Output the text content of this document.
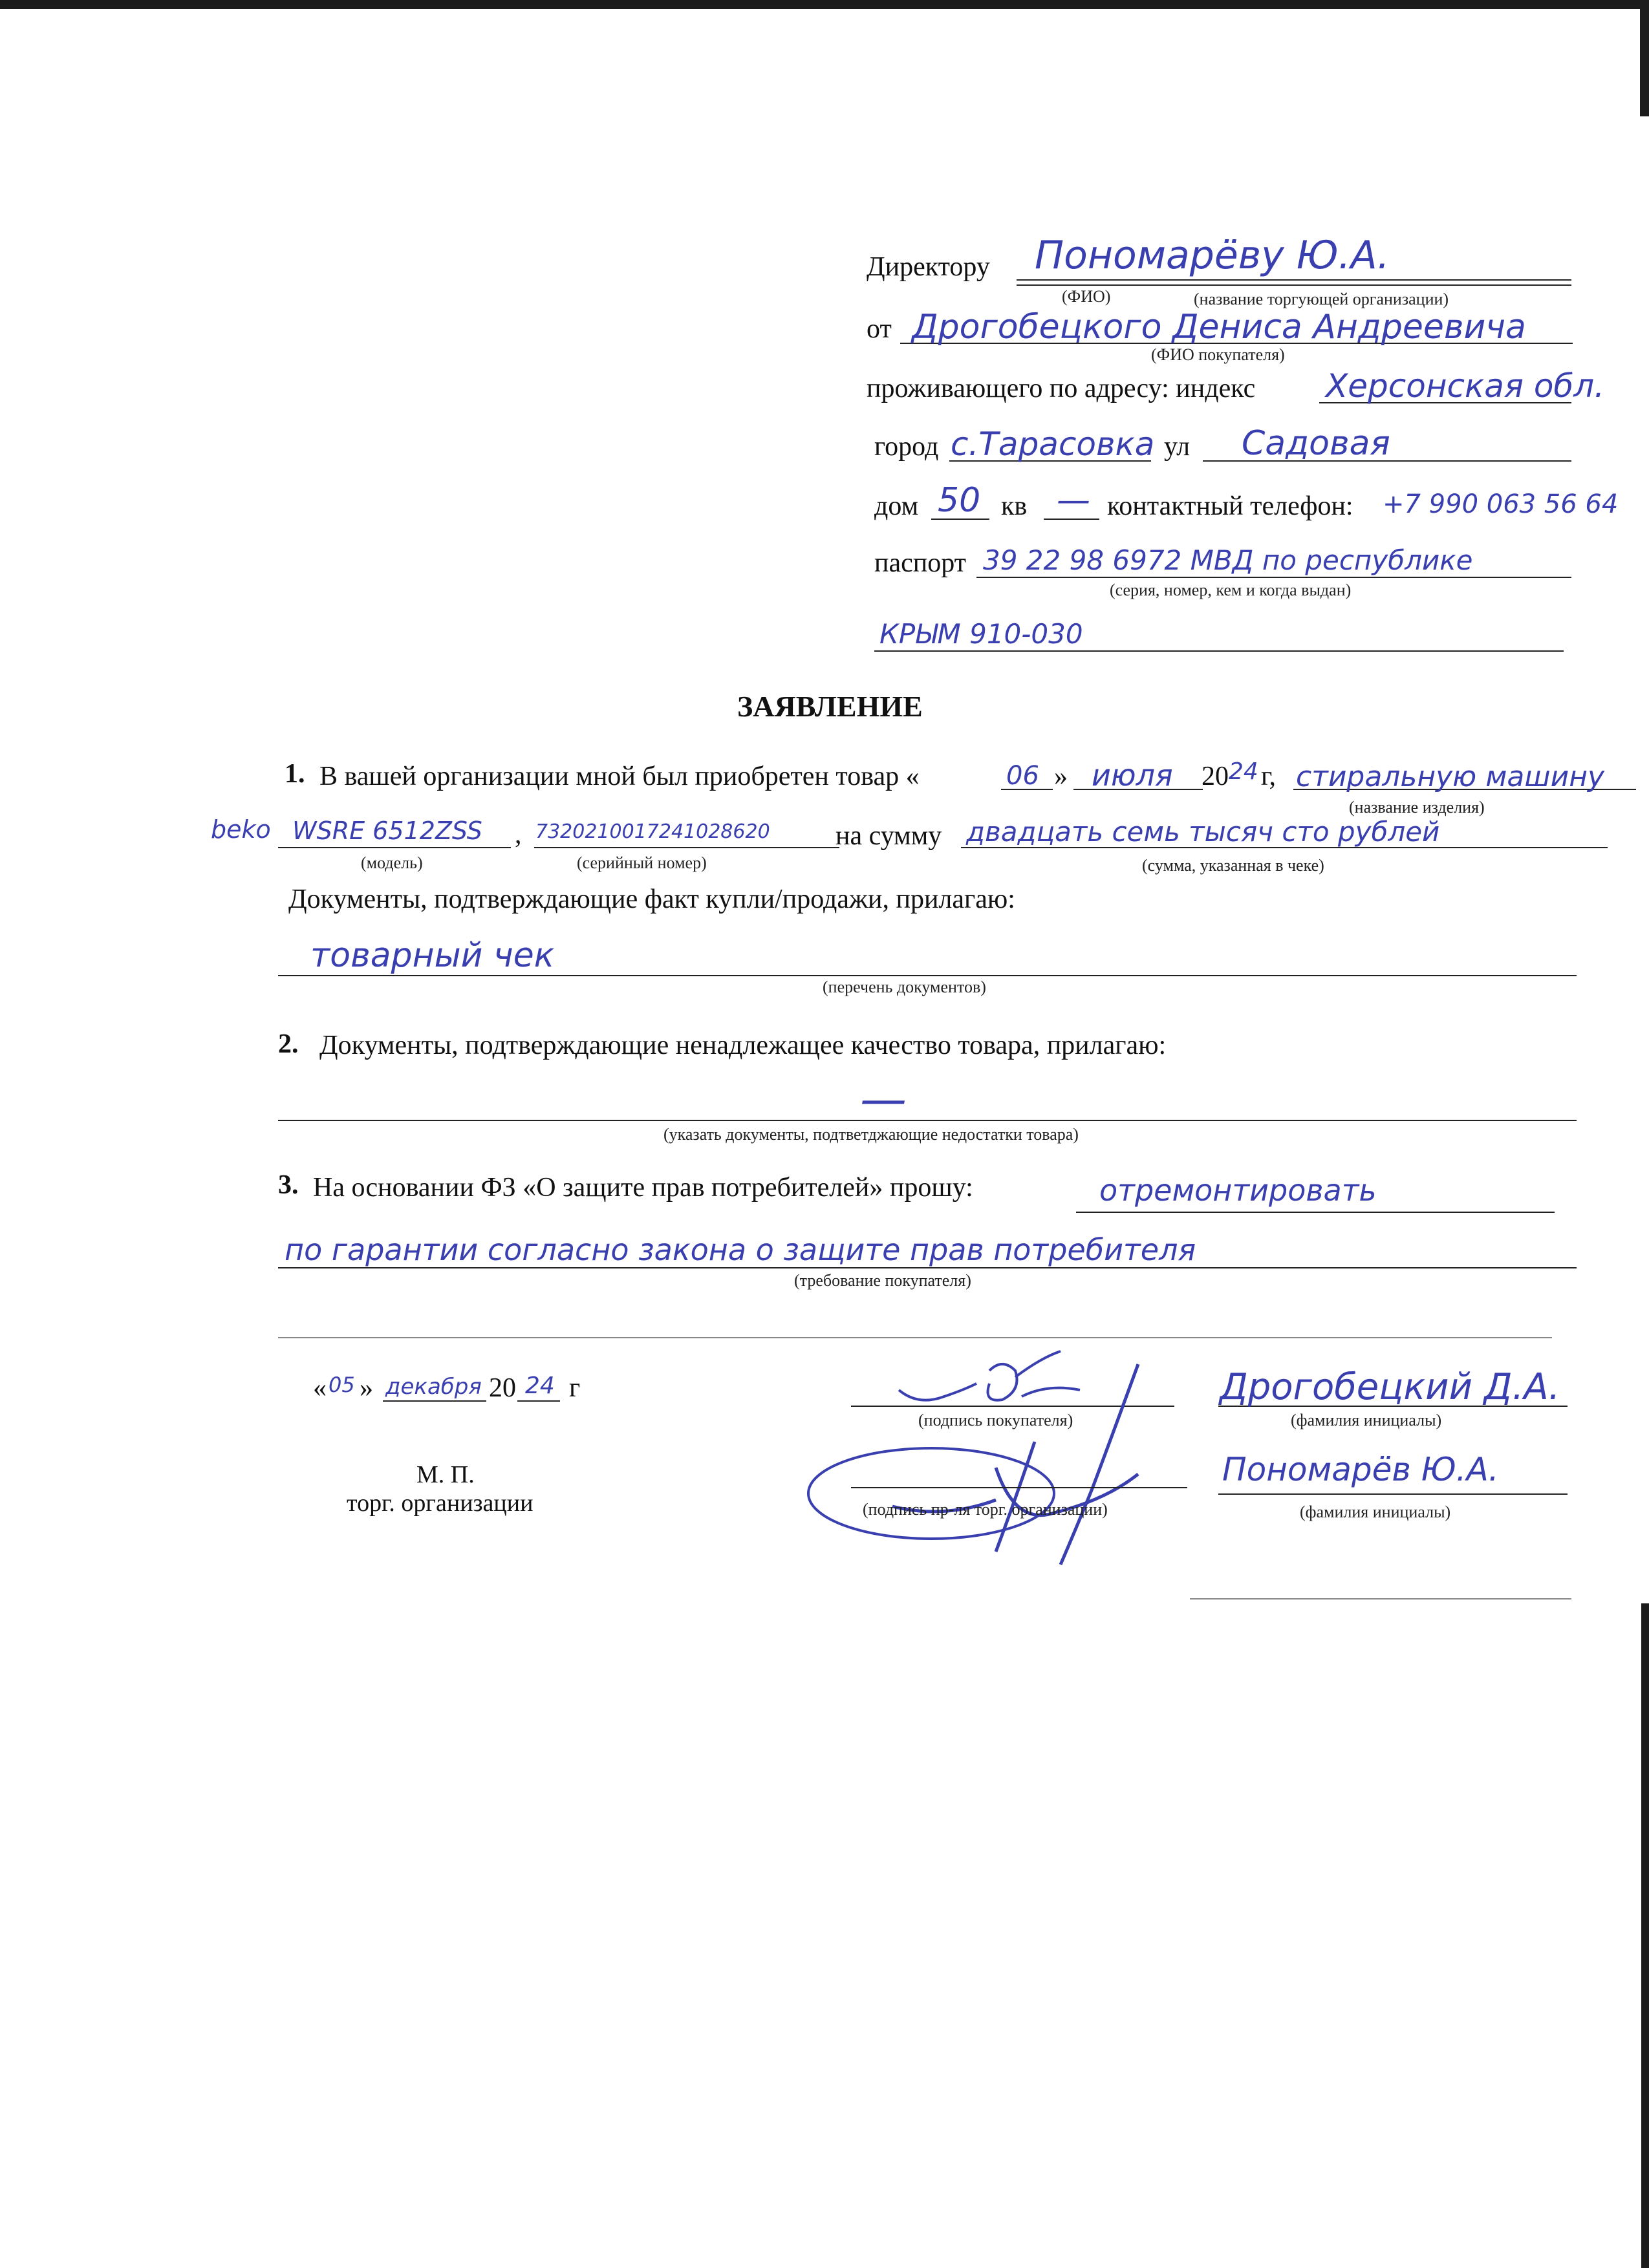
Директору Пономарёву Ю.А.
(ФИО)	(название торгующей организации)
от Дрогобецкого Дениса Андреевича
(ФИО покупателя)
проживающего по адресу: индекс Херсонская обл.
город с.Тарасовка ул Садовая
дом 50 кв — контактный телефон: +7 990 063 56 64
паспорт 39 22 98 6972 МВД по республике
(серия, номер, кем и когда выдан)
КРЫМ 910-030
ЗАЯВЛЕНИЕ
1. В вашей организации мной был приобретен товар «	06 » июля 20 24 г, стиральную машину
(название изделия)
beko WSRE 6512ZSS
(модель)
, 7320210017241028620
(серийный номер)
на сумму двадцать семь тысяч сто рублей
(сумма, указанная в чеке)
Документы, подтверждающие факт купли/продажи, прилагаю:
товарный чек
(перечень документов)
2. Документы, подтверждающие ненадлежащее качество товара, прилагаю:
—
(указать документы, подтветджающие недостатки товара)
3. На основании ФЗ «О защите прав потребителей» прошу:	отремонтировать
по гарантии согласно закона о защите прав потребителя
(требование покупателя)
« 05 » декабря 20 24 г
М. П.
торг. организации
(подпись покупателя)
Дрогобецкий Д.А.
(фамилия инициалы)
(подпись пр-ля торг. организации)
Пономарёв Ю.А.
(фамилия инициалы)
